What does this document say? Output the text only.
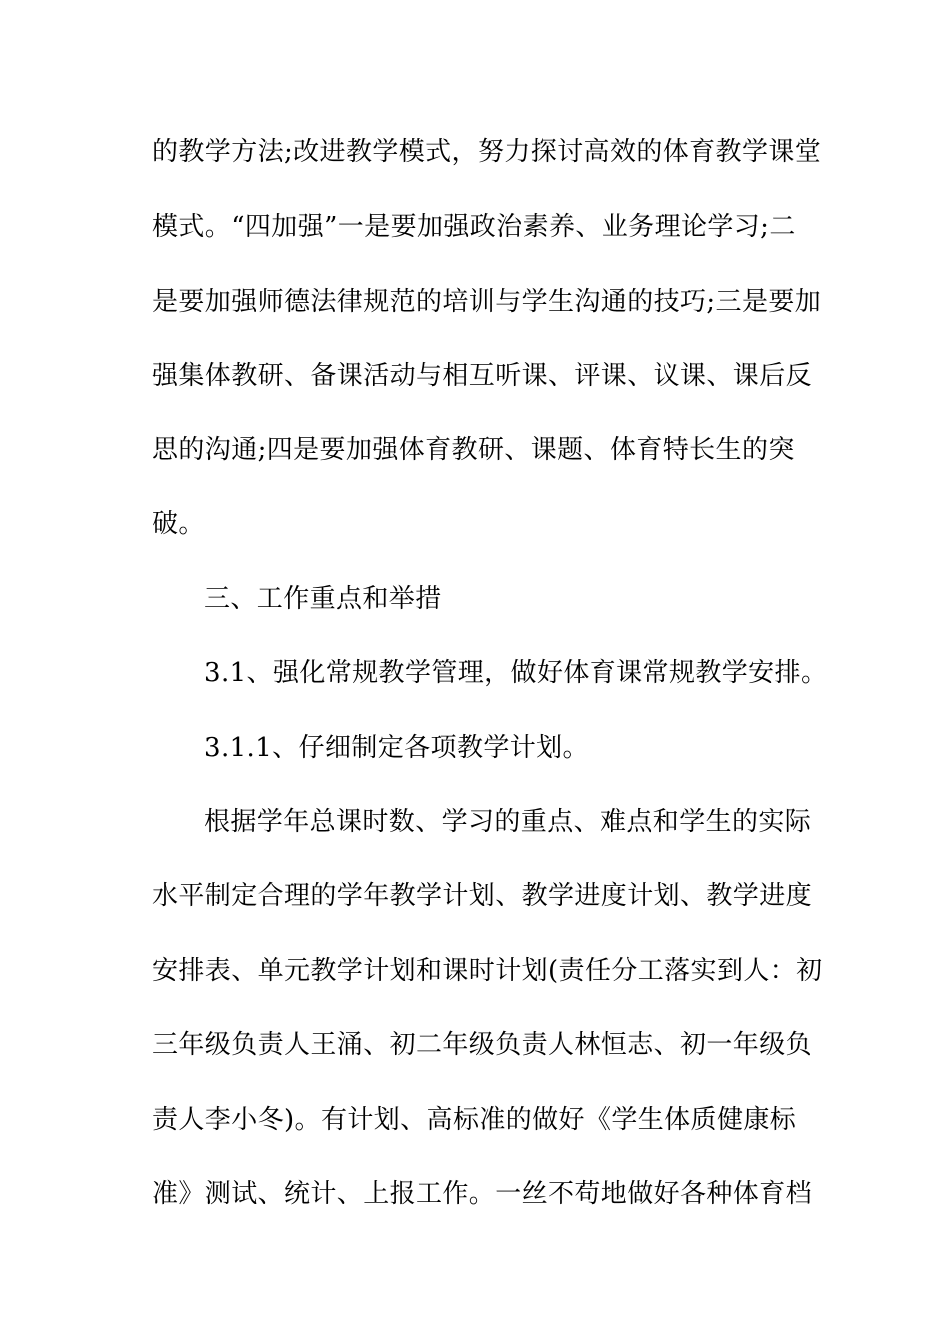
的教学方法;改进教学模式，努力探讨高效的体育教学课堂
模式。“四加强”一是要加强政治素养、业务理论学习;二
是要加强师德法律规范的培训与学生沟通的技巧;三是要加
强集体教研、备课活动与相互听课、评课、议课、课后反
思的沟通;四是要加强体育教研、课题、体育特长生的突
破。
三、工作重点和举措
3.1、强化常规教学管理，做好体育课常规教学安排。
3.1.1、仔细制定各项教学计划。
根据学年总课时数、学习的重点、难点和学生的实际
水平制定合理的学年教学计划、教学进度计划、教学进度
安排表、单元教学计划和课时计划(责任分工落实到人：初
三年级负责人王涌、初二年级负责人林恒志、初一年级负
责人李小冬)。有计划、高标准的做好《学生体质健康标
准》测试、统计、上报工作。一丝不苟地做好各种体育档
